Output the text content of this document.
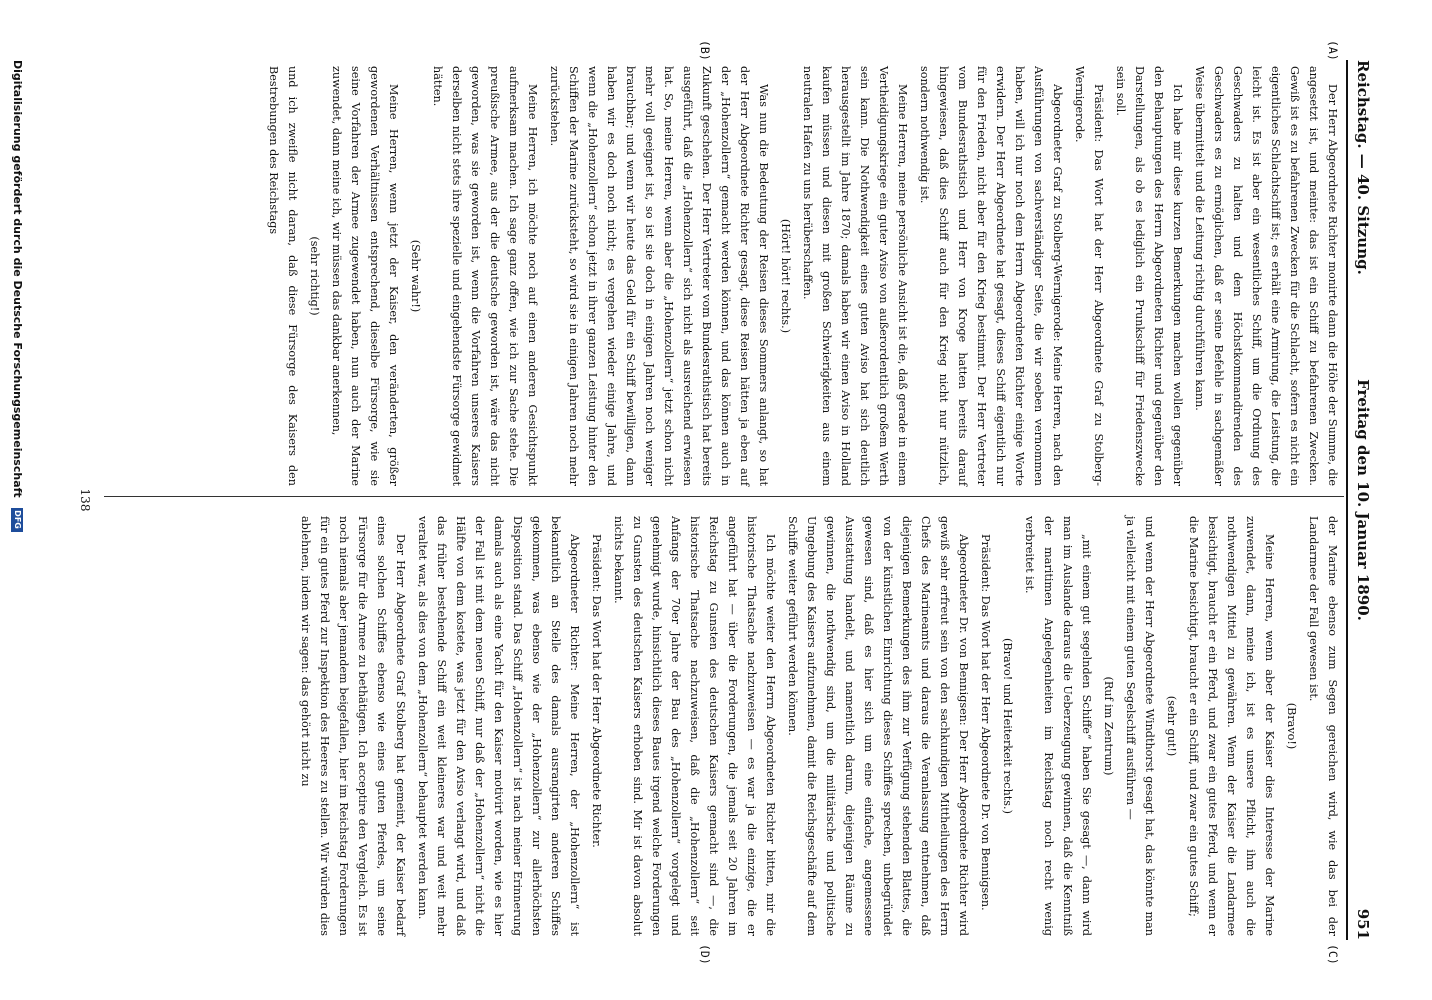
Reichstag. — 40. Sitzung.
Freitag den 10. Januar 1890.
951
(A)
(B)
(C)
(D)

Der Herr Abgeordnete Richter monirte dann die Höhe der Summe, die angesetzt ist, und meinte: das ist ein Schiff zu befahrenen Zwecken. Gewiß ist es zu befahrenen Zwecken für die Schlacht, sofern es nicht ein eigentliches Schlachtschiff ist; es erhält eine Armirung, die Leistung, die leicht ist. Es ist aber ein wesentliches Schiff, um die Ordnung des Geschwaders zu halten und dem Höchstkommandirenden des Geschwaders es zu ermöglichen, daß er seine Befehle in sachgemäßer Weise übermittelt und die Leitung richtig durchführen kann.

Ich habe mir diese kurzen Bemerkungen machen wollen gegenüber den Behauptungen des Herrn Abgeordneten Richter und gegenüber den Darstellungen, als ob es lediglich ein Prunkschiff für Friedenszwecke sein soll.

Präsident: Das Wort hat der Herr Abgeordnete Graf zu Stolberg-Wernigerode.

Abgeordneter Graf zu Stolberg-Wernigerode: Meine Herren, nach den Ausführungen von sachverständiger Seite, die wir soeben vernommen haben, will ich nur noch dem Herrn Abgeordneten Richter einige Worte erwidern. Der Herr Abgeordnete hat gesagt, dieses Schiff eigentlich nur für den Frieden, nicht aber für den Krieg bestimmt. Der Herr Vertreter vom Bundesrathstisch und Herr von Kroge hatten bereits darauf hingewiesen, daß dies Schiff auch für den Krieg nicht nur nützlich, sondern nothwendig ist.

Meine Herren, meine persönliche Ansicht ist die, daß gerade in einem Vertheidigungskriege ein guter Aviso von außerordentlich großem Werth sein kann. Die Nothwendigkeit eines guten Aviso hat sich deutlich herausgestellt im Jahre 1870; damals haben wir einen Aviso in Holland kaufen müssen und diesen mit großen Schwierigkeiten aus einem neutralen Hafen zu uns herüberschaffen.

(Hört! hört! rechts.)

Was nun die Bedeutung der Reisen dieses Sommers anlangt, so hat der Herr Abgeordnete Richter gesagt, diese Reisen hätten ja eben auf der „Hohenzollern“ gemacht werden können, und das können auch in Zukunft geschehen. Der Herr Vertreter vom Bundesrathstisch hat bereits ausgeführt, daß die „Hohenzollern“ sich nicht als ausreichend erwiesen hat. So, meine Herren, wenn aber die „Hohenzollern“ jetzt schon nicht mehr voll geeignet ist, so ist sie doch in einigen Jahren noch weniger brauchbar; und wenn wir heute das Geld für ein Schiff bewilligen, dann haben wir es doch noch nicht; es vergehen wieder einige Jahre, und wenn die „Hohenzollern“ schon jetzt in ihrer ganzen Leistung hinter den Schiffen der Marine zurücksteht, so wird sie in einigen Jahren noch mehr zurückstehen.

Meine Herren, ich möchte noch auf einen anderen Gesichtspunkt aufmerksam machen. Ich sage ganz offen, wie ich zur Sache stehe. Die preußische Armee, aus der die deutsche geworden ist, wäre das nicht geworden, was sie geworden ist, wenn die Vorfahren unseres Kaisers derselben nicht stets ihre spezielle und eingehendste Fürsorge gewidmet hätten.

(Sehr wahr!)

Meine Herren, wenn jetzt der Kaiser, den veränderten, größer gewordenen Verhältnissen entsprechend, dieselbe Fürsorge, wie sie seine Vorfahren der Armee zugewendet haben, nun auch der Marine zuwendet, dann meine ich, wir müssen das dankbar anerkennen,

(sehr richtig!)

und ich zweifle nicht daran, daß diese Fürsorge des Kaisers den Bestrebungen des Reichstags

der Marine ebenso zum Segen gereichen wird, wie das bei der Landarmee der Fall gewesen ist.

(Bravo!)

Meine Herren, wenn aber der Kaiser dies Interesse der Marine zuwendet, dann, meine ich, ist es unsere Pflicht, ihm auch die nothwendigen Mittel zu gewähren. Wenn der Kaiser die Landarmee besichtigt, braucht er ein Pferd, und zwar ein gutes Pferd, und wenn er die Marine besichtigt, braucht er ein Schiff, und zwar ein gutes Schiff;

(sehr gut!)

und wenn der Herr Abgeordnete Windthorst gesagt hat, das könnte man ja vielleicht mit einem guten Segelschiff ausführen —

(Ruf im Zentrum)

„mit einem gut segelnden Schiffe“ haben Sie gesagt —, dann wird man im Auslande daraus die Ueberzeugung gewinnen, daß die Kenntniß der maritimen Angelegenheiten im Reichstag noch recht wenig verbreitet ist.

(Bravo! und Heiterkeit rechts.)

Präsident: Das Wort hat der Herr Abgeordnete Dr. von Bennigsen.

Abgeordneter Dr. von Bennigsen: Der Herr Abgeordnete Richter wird gewiß sehr erfreut sein von den sachkundigen Mittheilungen des Herrn Chefs des Marineamts und daraus die Veranlassung entnehmen, daß diejenigen Bemerkungen des ihm zur Verfügung stehenden Blattes, die von der künstlichen Einrichtung dieses Schiffes sprechen, unbegründet gewesen sind, daß es hier sich um eine einfache, angemessene Ausstattung handelt, und namentlich darum, diejenigen Räume zu gewinnen, die nothwendig sind, um die militärische und politische Umgebung des Kaisers aufzunehmen, damit die Reichsgeschäfte auf dem Schiffe weiter geführt werden können.

Ich möchte weiter den Herrn Abgeordneten Richter bitten, mir die historische Thatsache nachzuweisen — es war ja die einzige, die er angeführt hat — über die Forderungen, die jemals seit 20 Jahren im Reichstag zu Gunsten des deutschen Kaisers gemacht sind —, die historische Thatsache nachzuweisen, daß die „Hohenzollern“ seit Anfangs der 70er Jahre der Bau des „Hohenzollern“ vorgelegt und genehmigt wurde, hinsichtlich dieses Baues irgend welche Forderungen zu Gunsten des deutschen Kaisers erhoben sind. Mir ist davon absolut nichts bekannt.

Präsident: Das Wort hat der Herr Abgeordnete Richter.

Abgeordneter Richter: Meine Herren, der „Hohenzollern“ ist bekanntlich an Stelle des damals ausrangirten anderen Schiffes gekommen, was ebenso wie der „Hohenzollern“ zur allerhöchsten Disposition stand. Das Schiff „Hohenzollern“ ist nach meiner Erinnerung damals auch als eine Yacht für den Kaiser motivirt worden, wie es hier der Fall ist mit dem neuen Schiff, nur daß der „Hohenzollern“ nicht die Hälfte von dem kostete, was jetzt für den Aviso verlangt wird, und daß das früher bestehende Schiff ein weit kleineres war und weit mehr veraltet war, als dies von dem „Hohenzollern“ behauptet werden kann.

Der Herr Abgeordnete Graf Stolberg hat gemeint, der Kaiser bedarf eines solchen Schiffes ebenso wie eines guten Pferdes, um seine Fürsorge für die Armee zu bethätigen. Ich acceptire den Vergleich. Es ist noch niemals aber jemandem beigefallen, hier im Reichstag Forderungen für ein gutes Pferd zur Inspektion des Heeres zu stellen. Wir würden dies ablehnen, indem wir sagen: das gehört nicht zu

138
Digitalisierung gefördert durch die Deutsche Forschungsgemeinschaft DFG
